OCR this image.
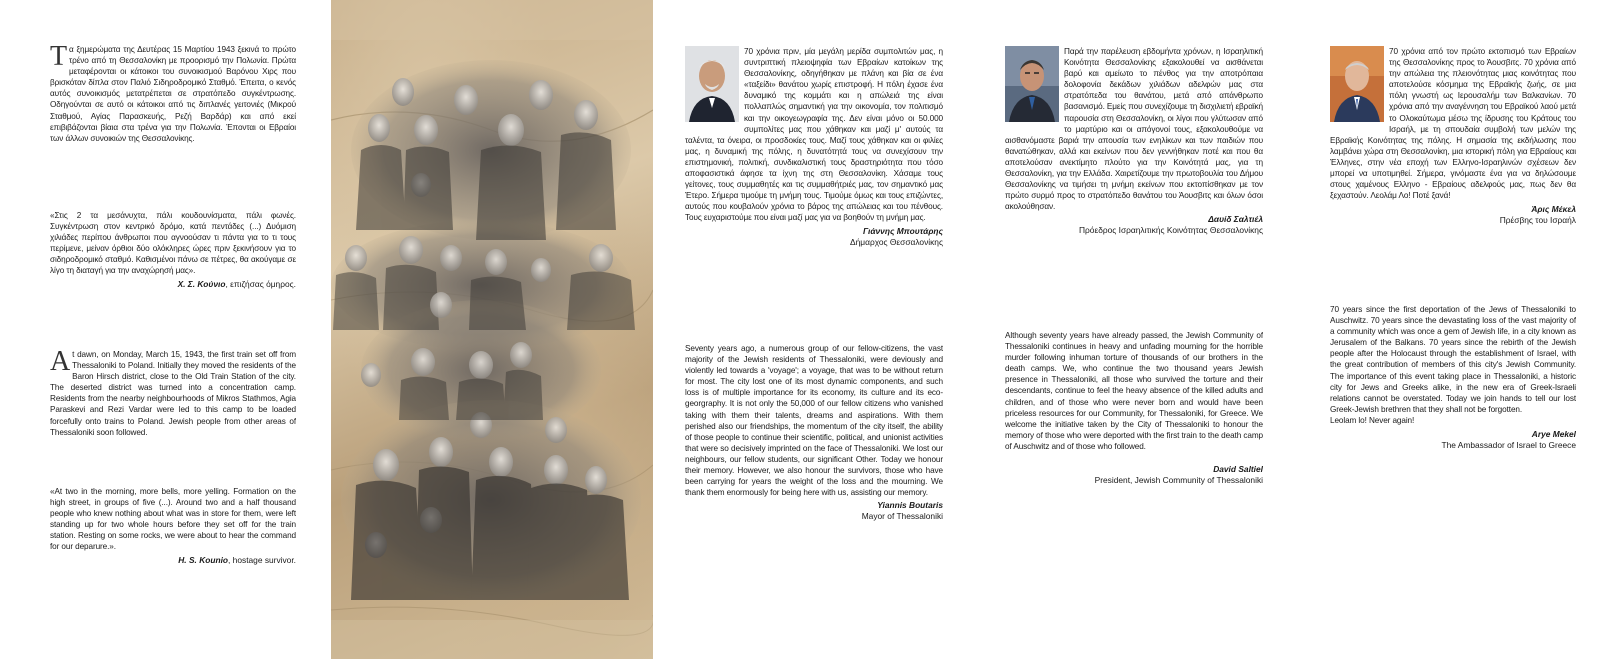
Τα ξημερώματα της Δευτέρας 15 Μαρτίου 1943 ξεκινά το πρώτο τρένο από τη Θεσσαλονίκη με προορισμό την Πολωνία. Πρώτα μεταφέρονται οι κάτοικοι του συνοικισμού Βαρόνου Χιρς που βρισκόταν δίπλα στον Παλιό Σιδηροδρομικό Σταθμό. Έπειτα, ο κενός αυτός συνοικισμός μετατρέπεται σε στρατόπεδο συγκέντρωσης. Οδηγούνται σε αυτό οι κάτοικοι από τις διπλανές γειτονιές (Μικρού Σταθμού, Αγίας Παρασκευής, Ρεζή Βαρδάρ) και από εκεί επιβιβάζονται βίαια στα τρένα για την Πολωνία. Έπονται οι Εβραίοι των άλλων συνοικιών της Θεσσαλονίκης.

«Στις 2 τα μεσάνυχτα, πάλι κουδουνίσματα, πάλι φωνές. Συγκέντρωση στον κεντρικό δρόμο, κατά πεντάδες (...) Δυόμιση χιλιάδες περίπου άνθρωποι που αγνοούσαν τι πάντα για το τι τους περίμενε, μείναν όρθιοι δύο ολόκληρες ώρες πριν ξεκινήσουν για το σιδηροδρομικό σταθμό. Καθισμένοι πάνω σε πέτρες, θα ακούγαμε σε λίγο τη διαταγή για την αναχώρησή μας».

Χ. Σ. Κούνιο, επιζήσας όμηρος.

At dawn, on Monday, March 15, 1943, the first train set off from Thessaloniki to Poland. Initially they moved the residents of the Baron Hirsch district, close to the Old Train Station of the city. The deserted district was turned into a concentration camp. Residents from the nearby neighbourhoods of Mikros Stathmos, Agia Paraskevi and Rezi Vardar were led to this camp to be loaded forcefully onto trains to Poland. Jewish people from other areas of Thessaloniki soon followed.

«At two in the morning, more bells, more yelling. Formation on the high street, in groups of five (...). Around two and a half thousand people who knew nothing about what was in store for them, were left standing up for two whole hours before they set off for the train station. Resting on some rocks, we were about to hear the command for our deparure.».

H. S. Kounio, hostage survivor.

70 χρόνια πριν, μία μεγάλη μερίδα συμπολιτών μας, η συντριπτική πλειοψηφία των Εβραίων κατοίκων της Θεσσαλονίκης, οδηγήθηκαν με πλάνη και βία σε ένα «ταξείδι» θανάτου χωρίς επιστροφή. Η πόλη έχασε ένα δυναμικό της κομμάτι και η απώλειά της είναι πολλαπλώς σημαντική για την οικονομία, τον πολιτισμό και την οικογεωγραφία της. Δεν είναι μόνο οι 50.000 συμπολίτες μας που χάθηκαν και μαζί μ' αυτούς τα ταλέντα, τα όνειρα, οι προσδοκίες τους. Μαζί τους χάθηκαν και οι φιλίες μας, η δυναμική της πόλης, η δυνατότητά τους να συνεχίσουν την επιστημονική, πολιτική, συνδικαλιστική τους δραστηριότητα που τόσο αποφασιστικά άφησε τα ίχνη της στη Θεσσαλονίκη. Χάσαμε τους γείτονες, τους συμμαθητές και τις συμμαθήτριές μας, τον σημαντικό μας Έτερο. Σήμερα τιμούμε τη μνήμη τους. Τιμούμε όμως και τους επιζώντες, αυτούς που κουβαλούν χρόνια το βάρος της απώλειας και του πένθους. Τους ευχαριστούμε που είναι μαζί μας για να βοηθούν τη μνήμη μας.

Γιάννης Μπουτάρης
Δήμαρχος Θεσσαλονίκης

Seventy years ago, a numerous group of our fellow-citizens, the vast majority of the Jewish residents of Thessaloniki, were deviously and violently led towards a 'voyage'; a voyage, that was to be without return for most. The city lost one of its most dynamic components, and such loss is of multiple importance for its economy, its culture and its eco-georgraphy. It is not only the 50,000 of our fellow citizens who vanished taking with them their talents, dreams and aspirations. With them perished also our friendships, the momentum of the city itself, the ability of those people to continue their scientific, political, and unionist activities that were so decisively imprinted on the face of Thessaloniki. We lost our neighbours, our fellow students, our significant Other. Today we honour their memory. However, we also honour the survivors, those who have been carrying for years the weight of the loss and the mourning. We thank them enormously for being here with us, assisting our memory.

Yiannis Boutaris
Mayor of Thessaloniki

Παρά την παρέλευση εβδομήντα χρόνων, η Ισραηλιτική Κοινότητα Θεσσαλονίκης εξακολουθεί να αισθάνεται βαρύ και αμείωτο το πένθος για την αποτρόπαια δολοφονία δεκάδων χιλιάδων αδελφών μας στα στρατόπεδα του θανάτου, μετά από απάνθρωπο βασανισμό. Εμείς που συνεχίζουμε τη δισχιλιετή εβραϊκή παρουσία στη Θεσσαλονίκη, οι λίγοι που γλύτωσαν από το μαρτύριο και οι απόγονοί τους, εξακολουθούμε να αισθανόμαστε βαριά την απουσία των ενηλίκων και των παιδιών που θανατώθηκαν, αλλά και εκείνων που δεν γεννήθηκαν ποτέ και που θα αποτελούσαν ανεκτίμητο πλούτο για την Κοινότητά μας, για τη Θεσσαλονίκη, για την Ελλάδα. Χαιρετίζουμε την πρωτοβουλία του Δήμου Θεσσαλονίκης να τιμήσει τη μνήμη εκείνων που εκτοπίσθηκαν με τον πρώτο συρμό προς το στρατόπεδο θανάτου του Άουσβιτς και όλων όσοι ακολούθησαν.

Δαυίδ Σαλτιέλ
Πρόεδρος Ισραηλιτικής Κοινότητας Θεσσαλονίκης

Although seventy years have already passed, the Jewish Community of Thessaloniki continues in heavy and unfading mourning for the horrible murder following inhuman torture of thousands of our brothers in the death camps. We, who continue the two thousand years Jewish presence in Thessaloniki, all those who survived the torture and their descendants, continue to feel the heavy absence of the killed adults and children, and of those who were never born and would have been priceless resources for our Community, for Thessaloniki, for Greece. We welcome the initiative taken by the City of Thessaloniki to honour the memory of those who were deported with the first train to the death camp of Auschwitz and of those who followed.

David Saltiel
President, Jewish Community of Thessaloniki

70 χρόνια από τον πρώτο εκτοπισμό των Εβραίων της Θεσσαλονίκης προς το Άουσβιτς. 70 χρόνια από την απώλεια της πλειονότητας μιας κοινότητας που αποτελούσε κόσμημα της Εβραϊκής ζωής, σε μια πόλη γνωστή ως Ιερουσαλήμ των Βαλκανίων. 70 χρόνια από την αναγέννηση του Εβραϊκού λαού μετά το Ολοκαύτωμα μέσω της ίδρυσης του Κράτους του Ισραήλ, με τη σπουδαία συμβολή των μελών της Εβραϊκής Κοινότητας της πόλης. Η σημασία της εκδήλωσης που λαμβάνει χώρα στη Θεσσαλονίκη, μια ιστορική πόλη για Εβραίους και Έλληνες, στην νέα εποχή των Ελληνο-Ισραηλινών σχέσεων δεν μπορεί να υποτιμηθεί. Σήμερα, γινόμαστε ένα για να δηλώσουμε στους χαμένους Ελληνο - Εβραίους αδελφούς μας, πως δεν θα ξεχαστούν. Λεολάμ Λο! Ποτέ ξανά!

Άρις Μέκελ
Πρέσβης του Ισραήλ

70 years since the first deportation of the Jews of Thessaloniki to Auschwitz. 70 years since the devastating loss of the vast majority of a community which was once a gem of Jewish life, in a city known as Jerusalem of the Balkans. 70 years since the rebirth of the Jewish people after the Holocaust through the establishment of Israel, with the great contribution of members of this city's Jewish Community. The importance of this event taking place in Thessaloniki, a historic city for Jews and Greeks alike, in the new era of Greek-Israeli relations cannot be overstated. Today we join hands to tell our lost Greek-Jewish brethren that they shall not be forgotten.

Leolam lo! Never again!

Arye Mekel
The Ambassador of Israel to Greece
